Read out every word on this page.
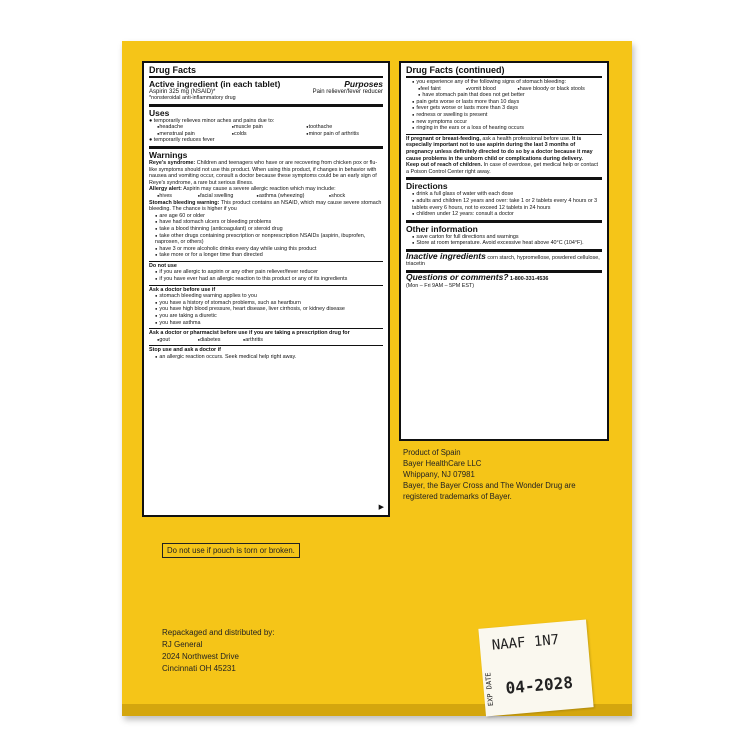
Drug Facts
Active ingredient (in each tablet)	Purposes
Aspirin 325 mg (NSAID)*	Pain reliever/fever reducer

*nonsteroidal anti-inflammatory drug

Uses

● temporarily relieves minor aches and pains due to:

● headache	● muscle pain	● toothache
● menstrual pain	● colds	● minor pain of arthritis

● temporarily reduces fever

Warnings

Reye's syndrome: Children and teenagers who have or are recovering from chicken pox or flu-like symptoms should not use this product. When using this product, if changes in behavior with nausea and vomiting occur, consult a doctor because these symptoms could be an early sign of Reye's syndrome, a rare but serious illness.

Allergy alert: Aspirin may cause a severe allergic reaction which may include:

● hives	● facial swelling	● asthma (wheezing)	● shock

Stomach bleeding warning: This product contains an NSAID, which may cause severe stomach bleeding. The chance is higher if you

● are age 60 or older
● have had stomach ulcers or bleeding problems
● take a blood thinning (anticoagulant) or steroid drug
● take other drugs containing prescription or nonprescription NSAIDs (aspirin, ibuprofen, naproxen, or others)
● have 3 or more alcoholic drinks every day while using this product
● take more or for a longer time than directed
Do not use
● if you are allergic to aspirin or any other pain reliever/fever reducer
● if you have ever had an allergic reaction to this product or any of its ingredients
Ask a doctor before use if
● stomach bleeding warning applies to you
● you have a history of stomach problems, such as heartburn
● you have high blood pressure, heart disease, liver cirrhosis, or kidney disease
● you are taking a diuretic
● you have asthma

Ask a doctor or pharmacist before use if you are taking a prescription drug for

● gout	● diabetes	● arthritis
Stop use and ask a doctor if
● an allergic reaction occurs. Seek medical help right away.
▶
Drug Facts (continued)
● you experience any of the following signs of stomach bleeding:
● feel faint	● vomit blood	● have bloody or black stools
● have stomach pain that does not get better
● pain gets worse or lasts more than 10 days
● fever gets worse or lasts more than 3 days
● redness or swelling is present
● new symptoms occur
● ringing in the ears or a loss of hearing occurs

If pregnant or breast-feeding, ask a health professional before use. It is especially important not to use aspirin during the last 3 months of pregnancy unless definitely directed to do so by a doctor because it may cause problems in the unborn child or complications during delivery.

Keep out of reach of children. In case of overdose, get medical help or contact a Poison Control Center right away.

Directions
● drink a full glass of water with each dose
● adults and children 12 years and over: take 1 or 2 tablets every 4 hours or 3 tablets every 6 hours, not to exceed 12 tablets in 24 hours
● children under 12 years: consult a doctor
Other information
● save carton for full directions and warnings
● Store at room temperature. Avoid excessive heat above 40°C (104°F).

Inactive ingredients corn starch, hypromellose, powdered cellulose, triacetin

Questions or comments? 1-800-331-4536

(Mon – Fri 9AM – 5PM EST)

Product of Spain
Bayer HealthCare LLC
Whippany, NJ 07981
Bayer, the Bayer Cross and The Wonder Drug are registered trademarks of Bayer.
Do not use if pouch is torn or broken.
Repackaged and distributed by:
RJ General
2024 Northwest Drive
Cincinnati OH 45231
NAAF 1N7
EXP DATE 04-2028
